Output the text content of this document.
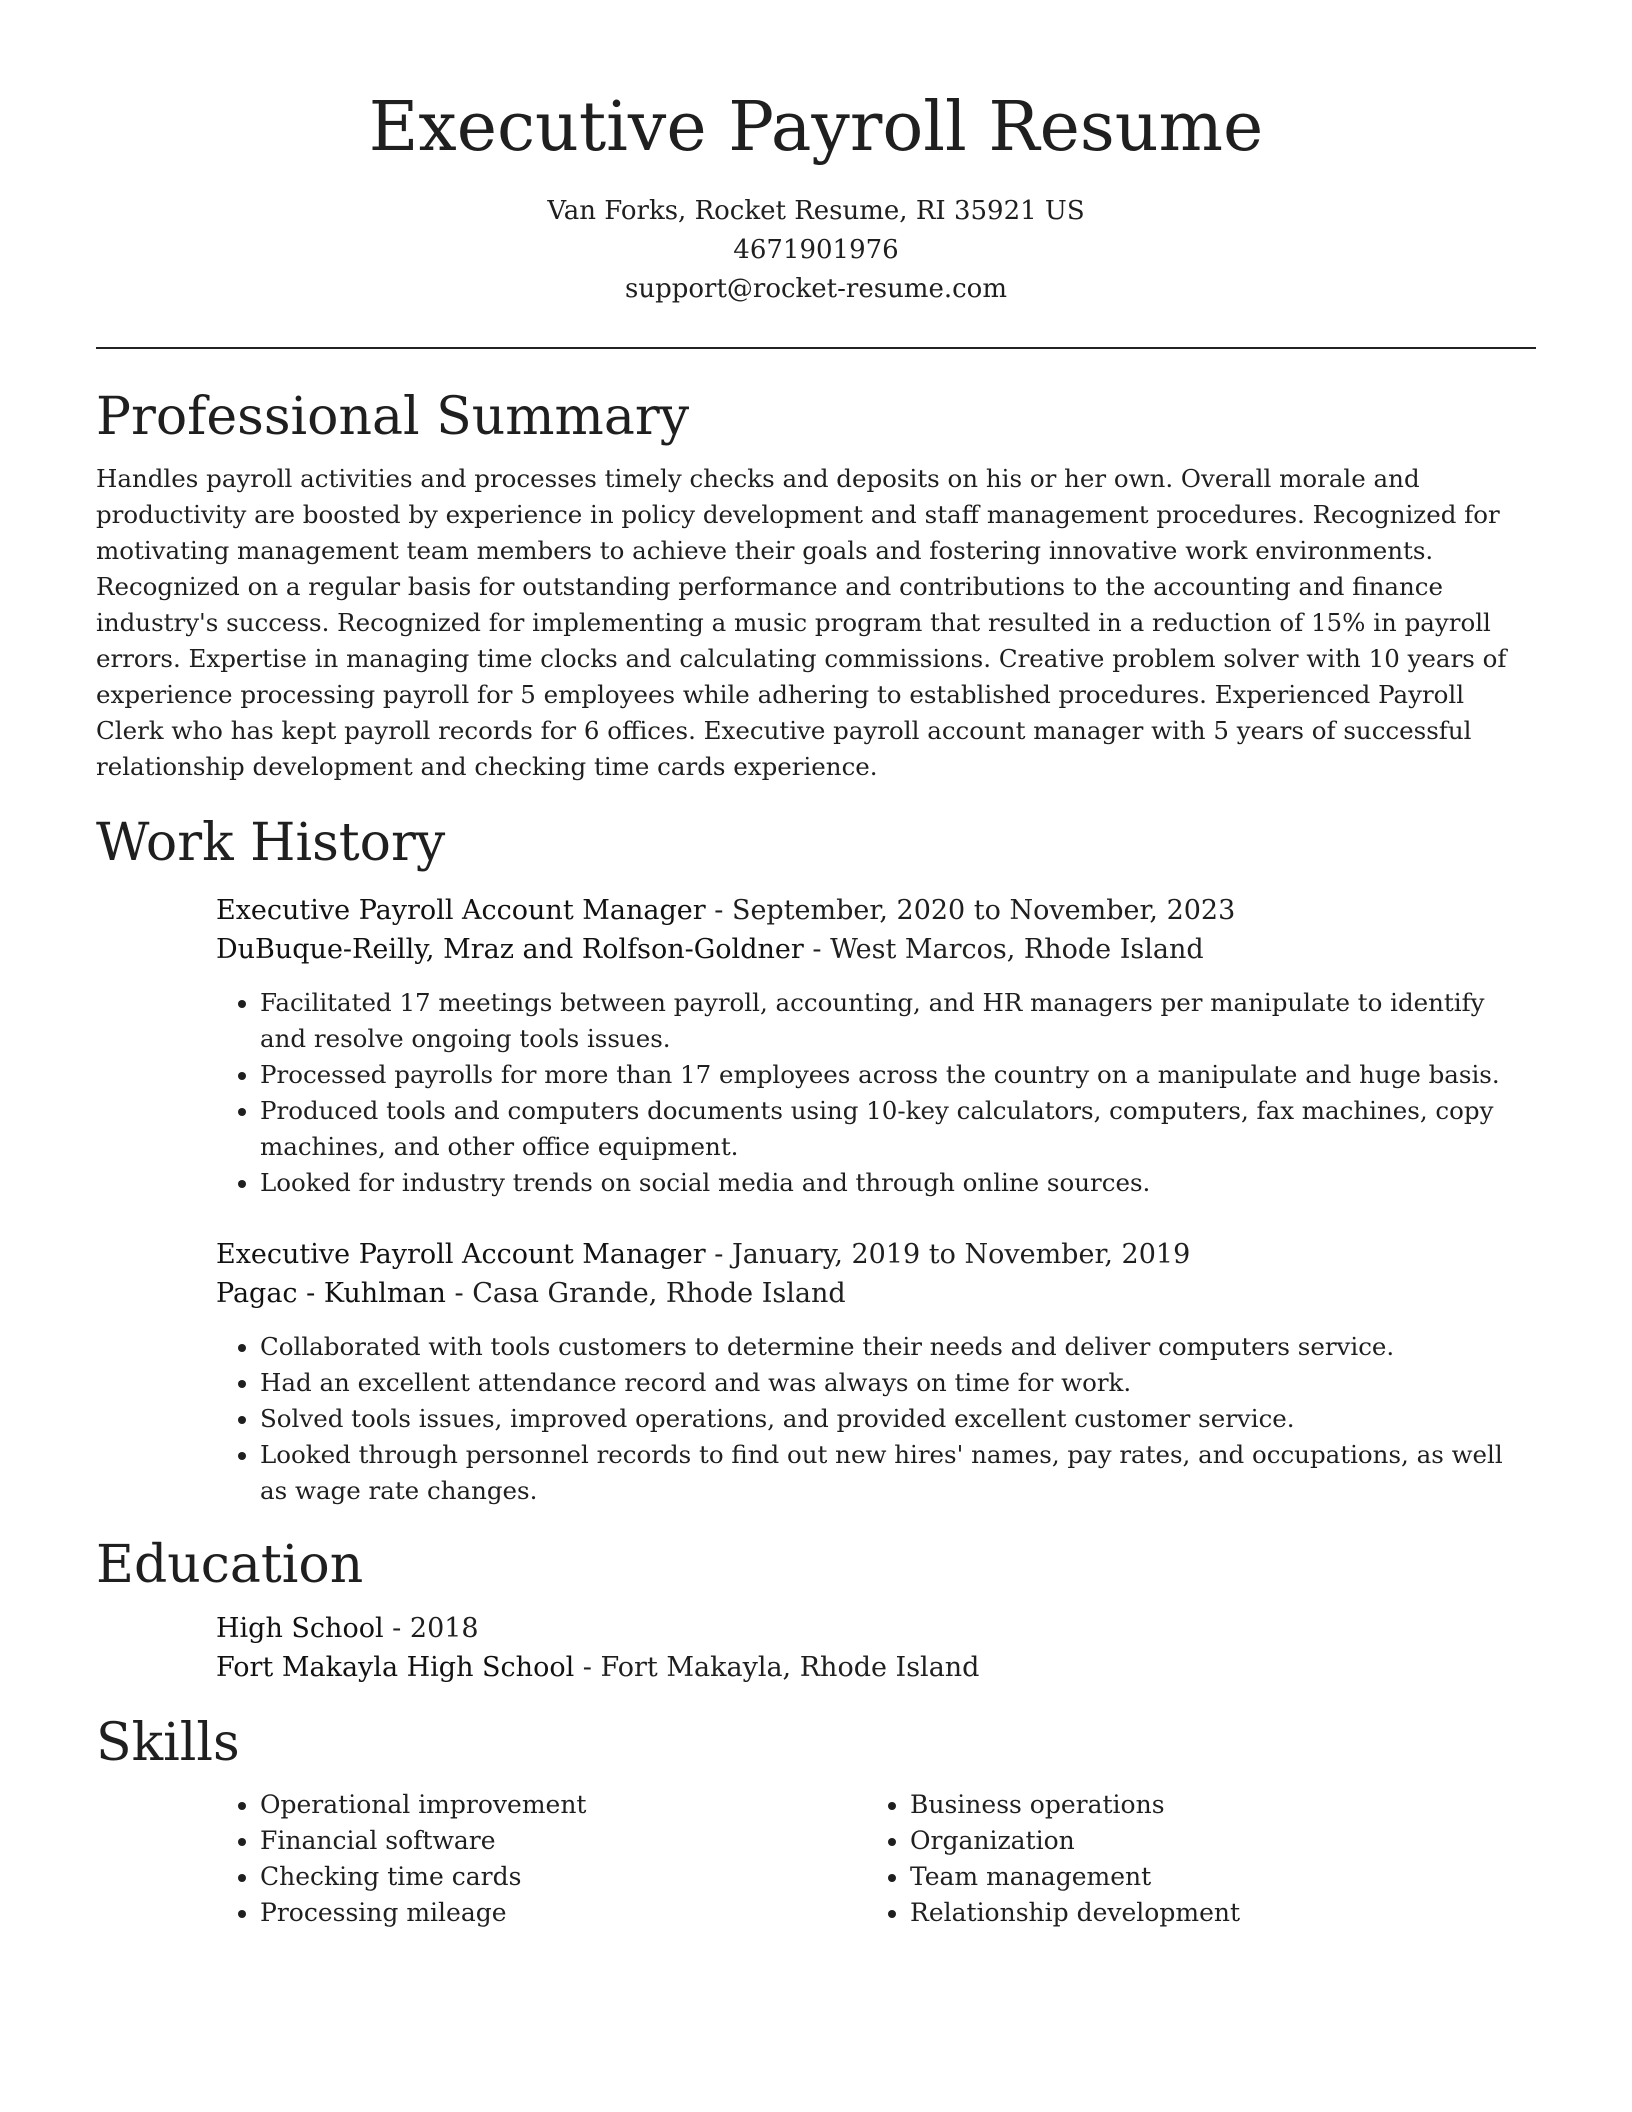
Executive Payroll Resume
Van Forks, Rocket Resume, RI 35921 US
4671901976
support@rocket-resume.com
Professional Summary

Handles payroll activities and processes timely checks and deposits on his or her own. Overall morale and productivity are boosted by experience in policy development and staff management procedures. Recognized for motivating management team members to achieve their goals and fostering innovative work environments. Recognized on a regular basis for outstanding performance and contributions to the accounting and finance industry's success. Recognized for implementing a music program that resulted in a reduction of 15% in payroll errors. Expertise in managing time clocks and calculating commissions. Creative problem solver with 10 years of experience processing payroll for 5 employees while adhering to established procedures. Experienced Payroll Clerk who has kept payroll records for 6 offices. Executive payroll account manager with 5 years of successful relationship development and checking time cards experience.

Work History
Executive Payroll Account Manager - September, 2020 to November, 2023
DuBuque-Reilly, Mraz and Rolfson-Goldner - West Marcos, Rhode Island
• Facilitated 17 meetings between payroll, accounting, and HR managers per manipulate to identify and resolve ongoing tools issues.
• Processed payrolls for more than 17 employees across the country on a manipulate and huge basis.
• Produced tools and computers documents using 10-key calculators, computers, fax machines, copy machines, and other office equipment.
• Looked for industry trends on social media and through online sources.
Executive Payroll Account Manager - January, 2019 to November, 2019
Pagac - Kuhlman - Casa Grande, Rhode Island
• Collaborated with tools customers to determine their needs and deliver computers service.
• Had an excellent attendance record and was always on time for work.
• Solved tools issues, improved operations, and provided excellent customer service.
• Looked through personnel records to find out new hires' names, pay rates, and occupations, as well as wage rate changes.
Education
High School - 2018
Fort Makayla High School - Fort Makayla, Rhode Island
Skills
• Operational improvement
• Financial software
• Checking time cards
• Processing mileage
• Business operations
• Organization
• Team management
• Relationship development
